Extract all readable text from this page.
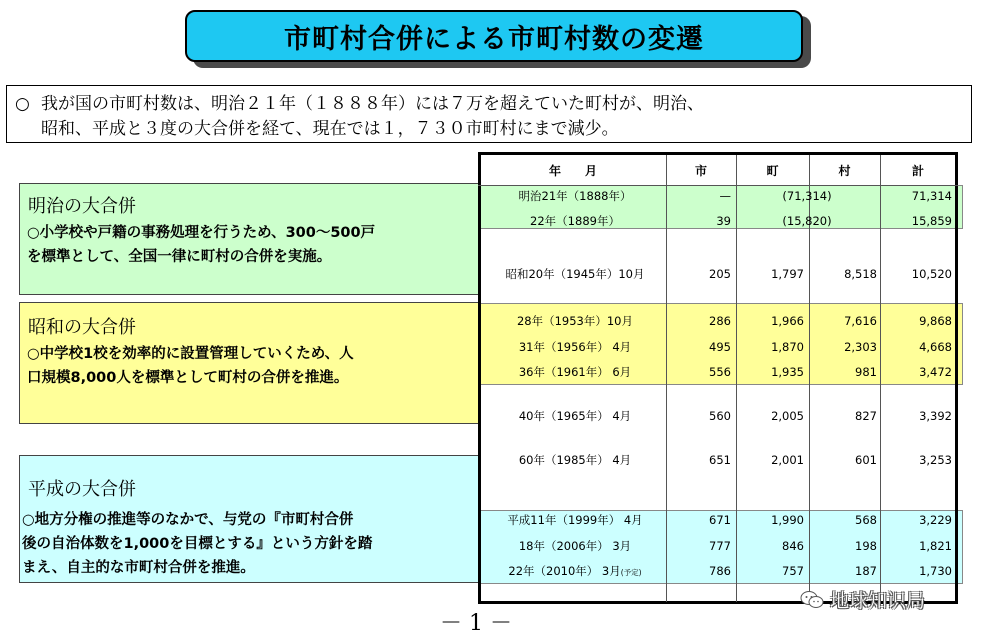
市町村合併による市町村数の変遷
○ 我が国の市町村数は、明治２１年（１８８８年）には７万を超えていた町村が、明治、
昭和、平成と３度の大合併を経て、現在では１，７３０市町村にまで減少。
明治の大合併
○小学校や戸籍の事務処理を行うため、300～500戸
を標準として、全国一律に町村の合併を実施。
昭和の大合併
○中学校1校を効率的に設置管理していくため、人
口規模8,000人を標準として町村の合併を推進。
平成の大合併
○地方分権の推進等のなかで、与党の『市町村合併
後の自治体数を1,000を目標とする』という方針を踏
まえ、自主的な市町村合併を推進。
年　　月	市	町	村	計
明治21年（1888年）	—	(71,314)	71,314
22年（1889年）	39	(15,820)	15,859
昭和20年（1945年）10月	205	1,797	8,518	10,520
28年（1953年）10月	286	1,966	7,616	9,868
31年（1956年） 4月	495	1,870	2,303	4,668
36年（1961年） 6月	556	1,935	981	3,472
40年（1965年） 4月	560	2,005	827	3,392
60年（1985年） 4月	651	2,001	601	3,253
平成11年（1999年） 4月	671	1,990	568	3,229
18年（2006年） 3月	777	846	198	1,821
22年（2010年） 3月(予定)	786	757	187	1,730
－ 1 －
地球知识局
